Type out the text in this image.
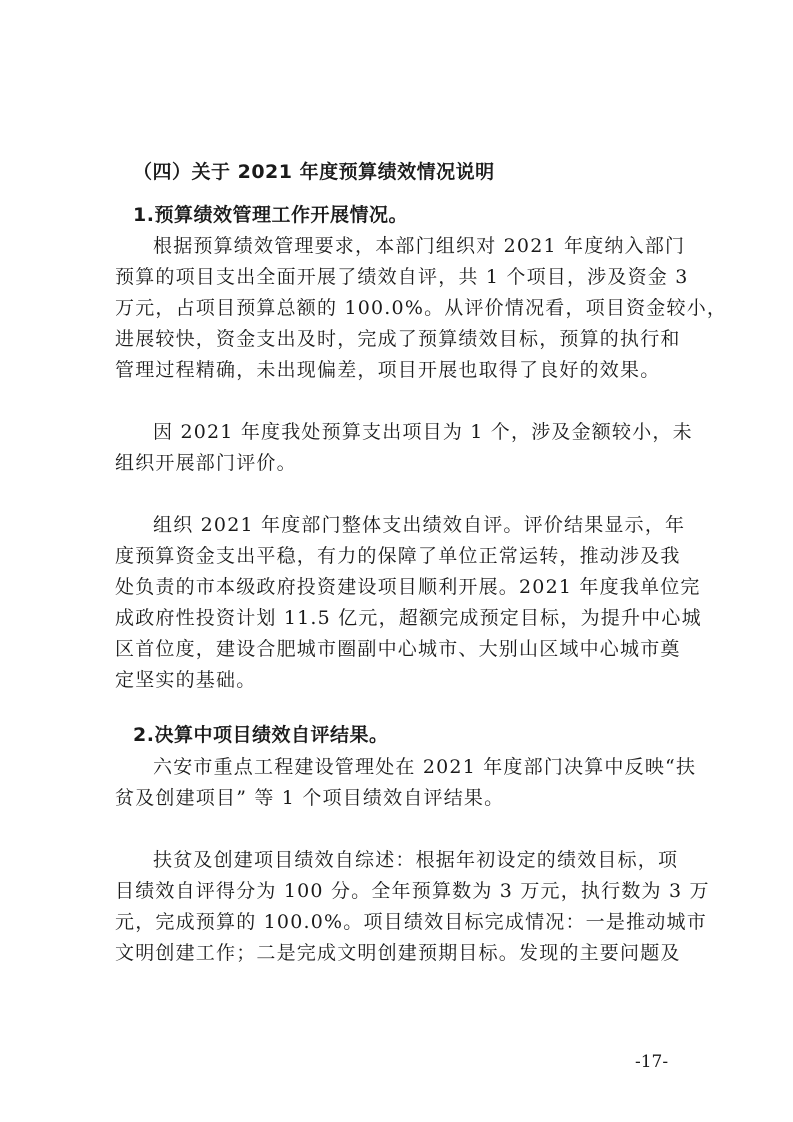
（四）关于 2021 年度预算绩效情况说明
1.预算绩效管理工作开展情况。
根据预算绩效管理要求，本部门组织对 2021 年度纳入部门
预算的项目支出全面开展了绩效自评，共 1 个项目，涉及资金 3
万元，占项目预算总额的 100.0%。从评价情况看，项目资金较小，
进展较快，资金支出及时，完成了预算绩效目标，预算的执行和
管理过程精确，未出现偏差，项目开展也取得了良好的效果。
因 2021 年度我处预算支出项目为 1 个，涉及金额较小，未
组织开展部门评价。
组织 2021 年度部门整体支出绩效自评。评价结果显示，年
度预算资金支出平稳，有力的保障了单位正常运转，推动涉及我
处负责的市本级政府投资建设项目顺利开展。2021 年度我单位完
成政府性投资计划 11.5 亿元，超额完成预定目标，为提升中心城
区首位度，建设合肥城市圈副中心城市、大别山区域中心城市奠
定坚实的基础。
2.决算中项目绩效自评结果。
六安市重点工程建设管理处在 2021 年度部门决算中反映“扶
贫及创建项目” 等 1 个项目绩效自评结果。
扶贫及创建项目绩效自综述：根据年初设定的绩效目标，项
目绩效自评得分为 100 分。全年预算数为 3 万元，执行数为 3 万
元，完成预算的 100.0%。项目绩效目标完成情况：一是推动城市
文明创建工作；二是完成文明创建预期目标。发现的主要问题及
-17-
